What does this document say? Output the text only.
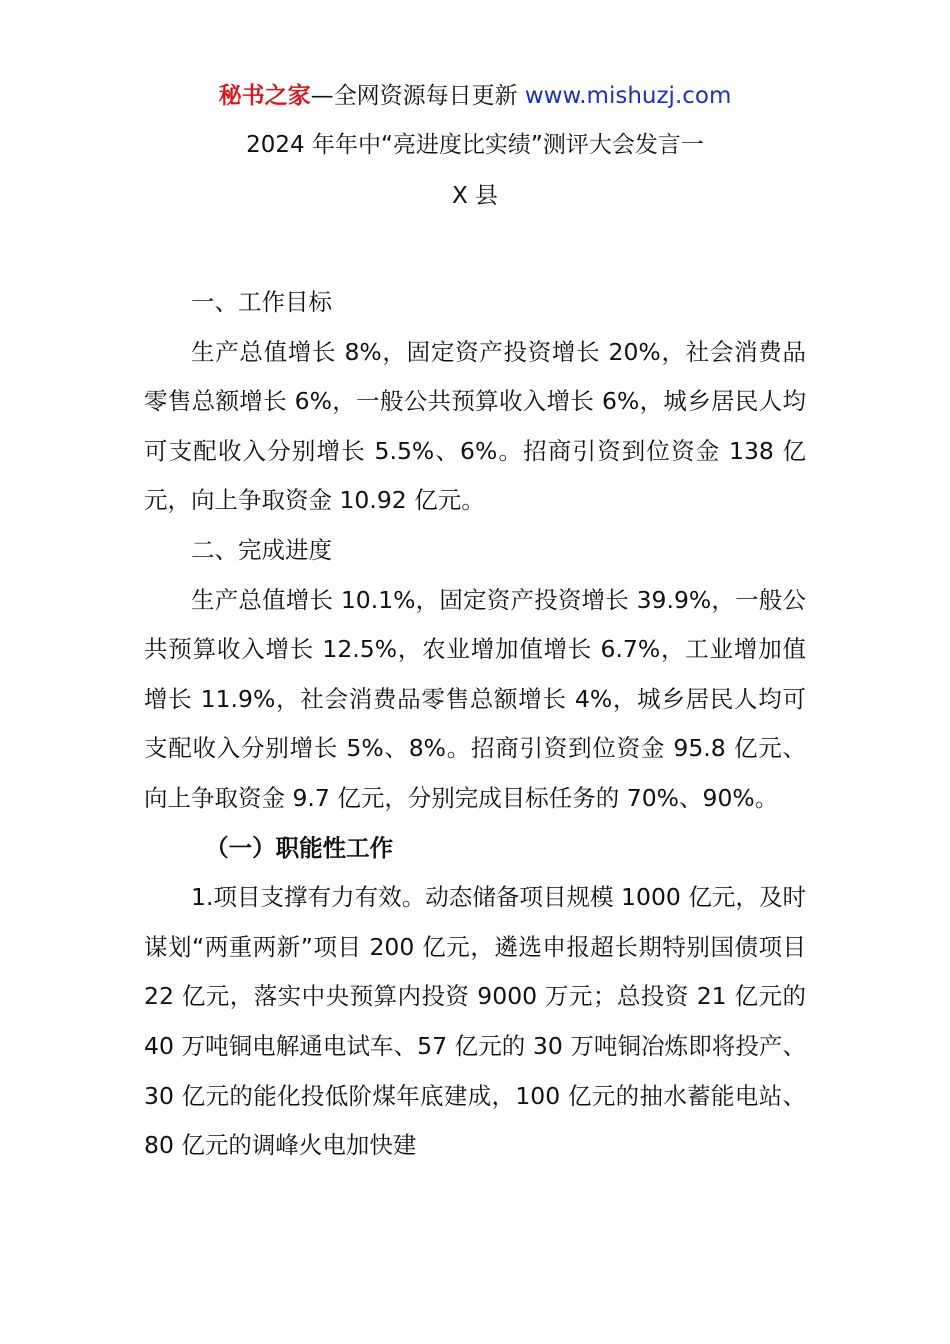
秘书之家—全网资源每日更新 www.mishuzj.com
2024 年年中“亮进度比实绩”测评大会发言一
X 县

一、工作目标

生产总值增长 8%，固定资产投资增长 20%，社会消费品零售总额增长 6%，一般公共预算收入增长 6%，城乡居民人均可支配收入分别增长 5.5%、6%。招商引资到位资金 138 亿元，向上争取资金 10.92 亿元。

二、完成进度

生产总值增长 10.1%，固定资产投资增长 39.9%，一般公共预算收入增长 12.5%，农业增加值增长 6.7%，工业增加值增长 11.9%，社会消费品零售总额增长 4%，城乡居民人均可支配收入分别增长 5%、8%。招商引资到位资金 95.8 亿元、向上争取资金 9.7 亿元，分别完成目标任务的 70%、90%。

（一）职能性工作

1.项目支撑有力有效。动态储备项目规模 1000 亿元，及时谋划“两重两新”项目 200 亿元，遴选申报超长期特别国债项目 22 亿元，落实中央预算内投资 9000 万元；总投资 21 亿元的 40 万吨铜电解通电试车、57 亿元的 30 万吨铜冶炼即将投产、30 亿元的能化投低阶煤年底建成，100 亿元的抽水蓄能电站、80 亿元的调峰火电加快建
